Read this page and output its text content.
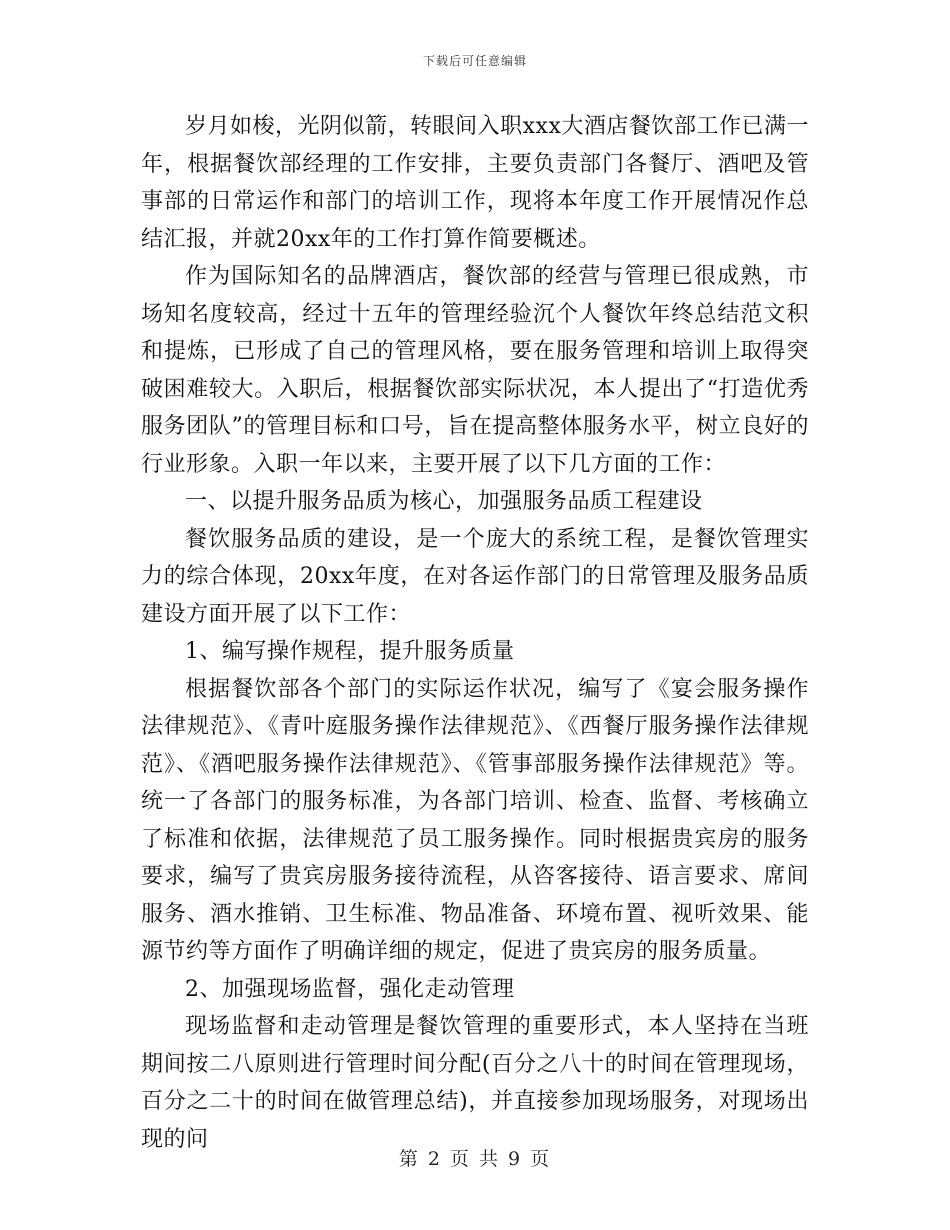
下载后可任意编辑

岁月如梭，光阴似箭，转眼间入职xxx大酒店餐饮部工作已满一年，根据餐饮部经理的工作安排，主要负责部门各餐厅、酒吧及管事部的日常运作和部门的培训工作，现将本年度工作开展情况作总结汇报，并就20xx年的工作打算作简要概述。

作为国际知名的品牌酒店，餐饮部的经营与管理已很成熟，市场知名度较高，经过十五年的管理经验沉个人餐饮年终总结范文积和提炼，已形成了自己的管理风格，要在服务管理和培训上取得突破困难较大。入职后，根据餐饮部实际状况，本人提出了“打造优秀服务团队”的管理目标和口号，旨在提高整体服务水平，树立良好的行业形象。入职一年以来，主要开展了以下几方面的工作：

一、以提升服务品质为核心，加强服务品质工程建设

餐饮服务品质的建设，是一个庞大的系统工程，是餐饮管理实力的综合体现，20xx年度，在对各运作部门的日常管理及服务品质建设方面开展了以下工作：

1、编写操作规程，提升服务质量

根据餐饮部各个部门的实际运作状况，编写了《宴会服务操作法律规范》、《青叶庭服务操作法律规范》、《西餐厅服务操作法律规范》、《酒吧服务操作法律规范》、《管事部服务操作法律规范》等。统一了各部门的服务标准，为各部门培训、检查、监督、考核确立了标准和依据，法律规范了员工服务操作。同时根据贵宾房的服务要求，编写了贵宾房服务接待流程，从咨客接待、语言要求、席间服务、酒水推销、卫生标准、物品准备、环境布置、视听效果、能源节约等方面作了明确详细的规定，促进了贵宾房的服务质量。

2、加强现场监督，强化走动管理

现场监督和走动管理是餐饮管理的重要形式，本人坚持在当班期间按二八原则进行管理时间分配(百分之八十的时间在管理现场，百分之二十的时间在做管理总结)，并直接参加现场服务，对现场出现的问

第 2 页 共 9 页
